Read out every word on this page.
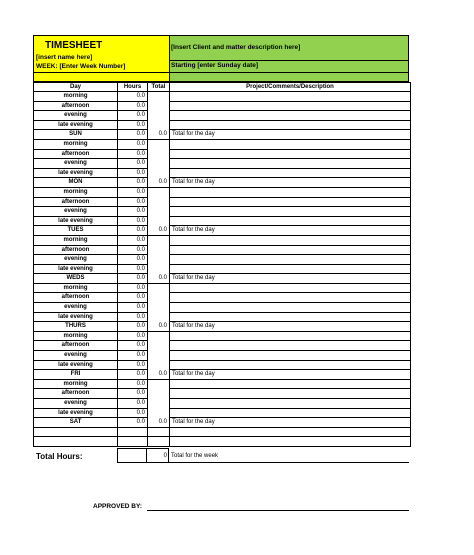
TIMESHEET
[insert name here]
WEEK: [Enter Week Number]
[Insert Client and matter description here]
Starting [enter Sunday date]
Day	Hours	Total	Project/Comments/Description
morning	0.0		
afternoon	0.0		
evening	0.0		
late evening	0.0		
SUN	0.0	0.0	Total for the day
morning	0.0		
afternoon	0.0		
evening	0.0		
late evening	0.0		
MON	0.0	0.0	Total for the day
morning	0.0		
afternoon	0.0		
evening	0.0		
late evening	0.0		
TUES	0.0	0.0	Total for the day
morning	0.0		
afternoon	0.0		
evening	0.0		
late evening	0.0		
WEDS	0.0	0.0	Total for the day
morning	0.0		
afternoon	0.0		
evening	0.0		
late evening	0.0		
THURS	0.0	0.0	Total for the day
morning	0.0		
afternoon	0.0		
evening	0.0		
late evening	0.0		
FRI	0.0	0.0	Total for the day
morning	0.0		
afternoon	0.0		
evening	0.0		
late evening	0.0		
SAT	0.0	0.0	Total for the day

Total Hours:	0 Total for the week
APPROVED BY:
